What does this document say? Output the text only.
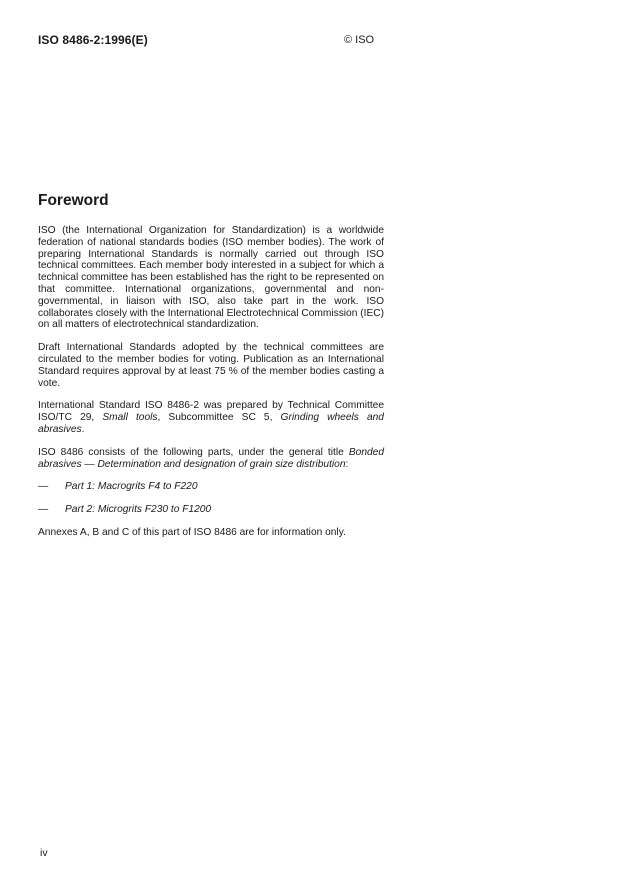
ISO 8486-2:1996(E)	© ISO
Foreword

ISO (the International Organization for Standardization) is a worldwide federation of national standards bodies (ISO member bodies). The work of preparing International Standards is normally carried out through ISO technical committees. Each member body interested in a subject for which a technical committee has been established has the right to be represented on that committee. International organizations, governmental and non-governmental, in liaison with ISO, also take part in the work. ISO collaborates closely with the International Electrotechnical Commission (IEC) on all matters of electrotechnical standardization.

Draft International Standards adopted by the technical committees are circulated to the member bodies for voting. Publication as an International Standard requires approval by at least 75 % of the member bodies casting a vote.

International Standard ISO 8486-2 was prepared by Technical Committee ISO/TC 29, Small tools, Subcommittee SC 5, Grinding wheels and abrasives.

ISO 8486 consists of the following parts, under the general title Bonded abrasives — Determination and designation of grain size distribution:

—	Part 1: Macrogrits F4 to F220
—	Part 2: Microgrits F230 to F1200

Annexes A, B and C of this part of ISO 8486 are for information only.

iv
